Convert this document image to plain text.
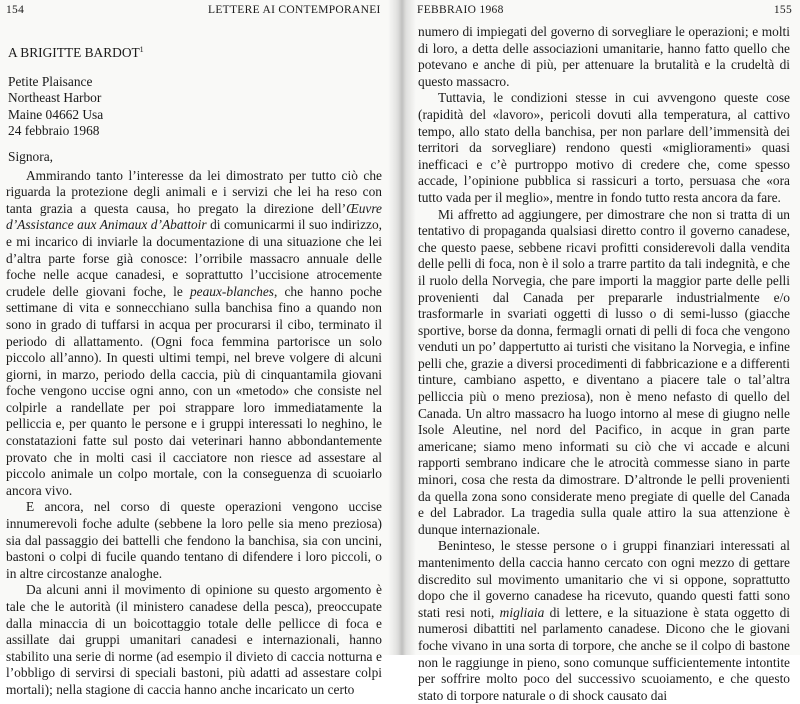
154	LETTERE AI CONTEMPORANEI
A BRIGITTE BARDOT$^1$
Petite Plaisance
Northeast Harbor
Maine 04662 Usa
24 febbraio 1968
Signora,

Ammirando tanto l’interesse da lei dimostrato per tutto ciò che riguarda la protezione degli animali e i servizi che lei ha reso con tanta grazia a questa causa, ho pregato la direzione dell’Œuvre d’Assistance aux Animaux d’Abattoir di comunicarmi il suo indirizzo, e mi incarico di inviarle la documentazione di una situazione che lei d’altra parte forse già conosce: l’orribile massacro annuale delle foche nelle acque canadesi, e soprattutto l’uccisione atrocemente crudele delle giovani foche, le peaux-blanches, che hanno poche settimane di vita e sonnecchiano sulla banchisa fino a quando non sono in grado di tuffarsi in acqua per procurarsi il cibo, terminato il periodo di allattamento. (Ogni foca femmina partorisce un solo piccolo all’anno). In questi ultimi tempi, nel breve volgere di alcuni giorni, in marzo, periodo della caccia, più di cinquantamila giovani foche vengono uccise ogni anno, con un «metodo» che consiste nel colpirle a randellate per poi strappare loro immediatamente la pelliccia e, per quanto le persone e i gruppi interessati lo neghino, le constatazioni fatte sul posto dai veterinari hanno abbondantemente provato che in molti casi il cacciatore non riesce ad assestare al piccolo animale un colpo mortale, con la conseguenza di scuoiarlo ancora vivo.

E ancora, nel corso di queste operazioni vengono uccise innumerevoli foche adulte (sebbene la loro pelle sia meno preziosa) sia dal passaggio dei battelli che fendono la banchisa, sia con uncini, bastoni o colpi di fucile quando tentano di difendere i loro piccoli, o in altre circostanze analoghe.

Da alcuni anni il movimento di opinione su questo argomento è tale che le autorità (il ministero canadese della pesca), preoccupate dalla minaccia di un boicottaggio totale delle pellicce di foca e assillate dai gruppi umanitari canadesi e internazionali, hanno stabilito una serie di norme (ad esempio il divieto di caccia notturna e l’obbligo di servirsi di speciali bastoni, più adatti ad assestare colpi mortali); nella stagione di caccia hanno anche incaricato un certo

FEBBRAIO 1968	155

numero di impiegati del governo di sorvegliare le operazioni; e molti di loro, a detta delle associazioni umanitarie, hanno fatto quello che potevano e anche di più, per attenuare la brutalità e la crudeltà di questo massacro.

Tuttavia, le condizioni stesse in cui avvengono queste cose (rapidità del «lavoro», pericoli dovuti alla temperatura, al cattivo tempo, allo stato della banchisa, per non parlare dell’immensità dei territori da sorvegliare) rendono questi «miglioramenti» quasi inefficaci e c’è purtroppo motivo di credere che, come spesso accade, l’opinione pubblica si rassicuri a torto, persuasa che «ora tutto vada per il meglio», mentre in fondo tutto resta ancora da fare.

Mi affretto ad aggiungere, per dimostrare che non si tratta di un tentativo di propaganda qualsiasi diretto contro il governo canadese, che questo paese, sebbene ricavi profitti considerevoli dalla vendita delle pelli di foca, non è il solo a trarre partito da tali indegnità, e che il ruolo della Norvegia, che pare importi la maggior parte delle pelli provenienti dal Canada per prepararle industrialmente e/o trasformarle in svariati oggetti di lusso o di semi-lusso (giacche sportive, borse da donna, fermagli ornati di pelli di foca che vengono venduti un po’ dappertutto ai turisti che visitano la Norvegia, e infine pelli che, grazie a diversi procedimenti di fabbricazione e a differenti tinture, cambiano aspetto, e diventano a piacere tale o tal’altra pelliccia più o meno preziosa), non è meno nefasto di quello del Canada. Un altro massacro ha luogo intorno al mese di giugno nelle Isole Aleutine, nel nord del Pacifico, in acque in gran parte americane; siamo meno informati su ciò che vi accade e alcuni rapporti sembrano indicare che le atrocità commesse siano in parte minori, cosa che resta da dimostrare. D’altronde le pelli provenienti da quella zona sono considerate meno pregiate di quelle del Canada e del Labrador. La tragedia sulla quale attiro la sua attenzione è dunque internazionale.

Beninteso, le stesse persone o i gruppi finanziari interessati al mantenimento della caccia hanno cercato con ogni mezzo di gettare discredito sul movimento umanitario che vi si oppone, soprattutto dopo che il governo canadese ha ricevuto, quando questi fatti sono stati resi noti, migliaia di lettere, e la situazione è stata oggetto di numerosi dibattiti nel parlamento canadese. Dicono che le giovani foche vivano in una sorta di torpore, che anche se il colpo di bastone non le raggiunge in pieno, sono comunque sufficientemente intontite per soffrire molto poco del successivo scuoiamento, e che questo stato di torpore naturale o di shock causato dai
